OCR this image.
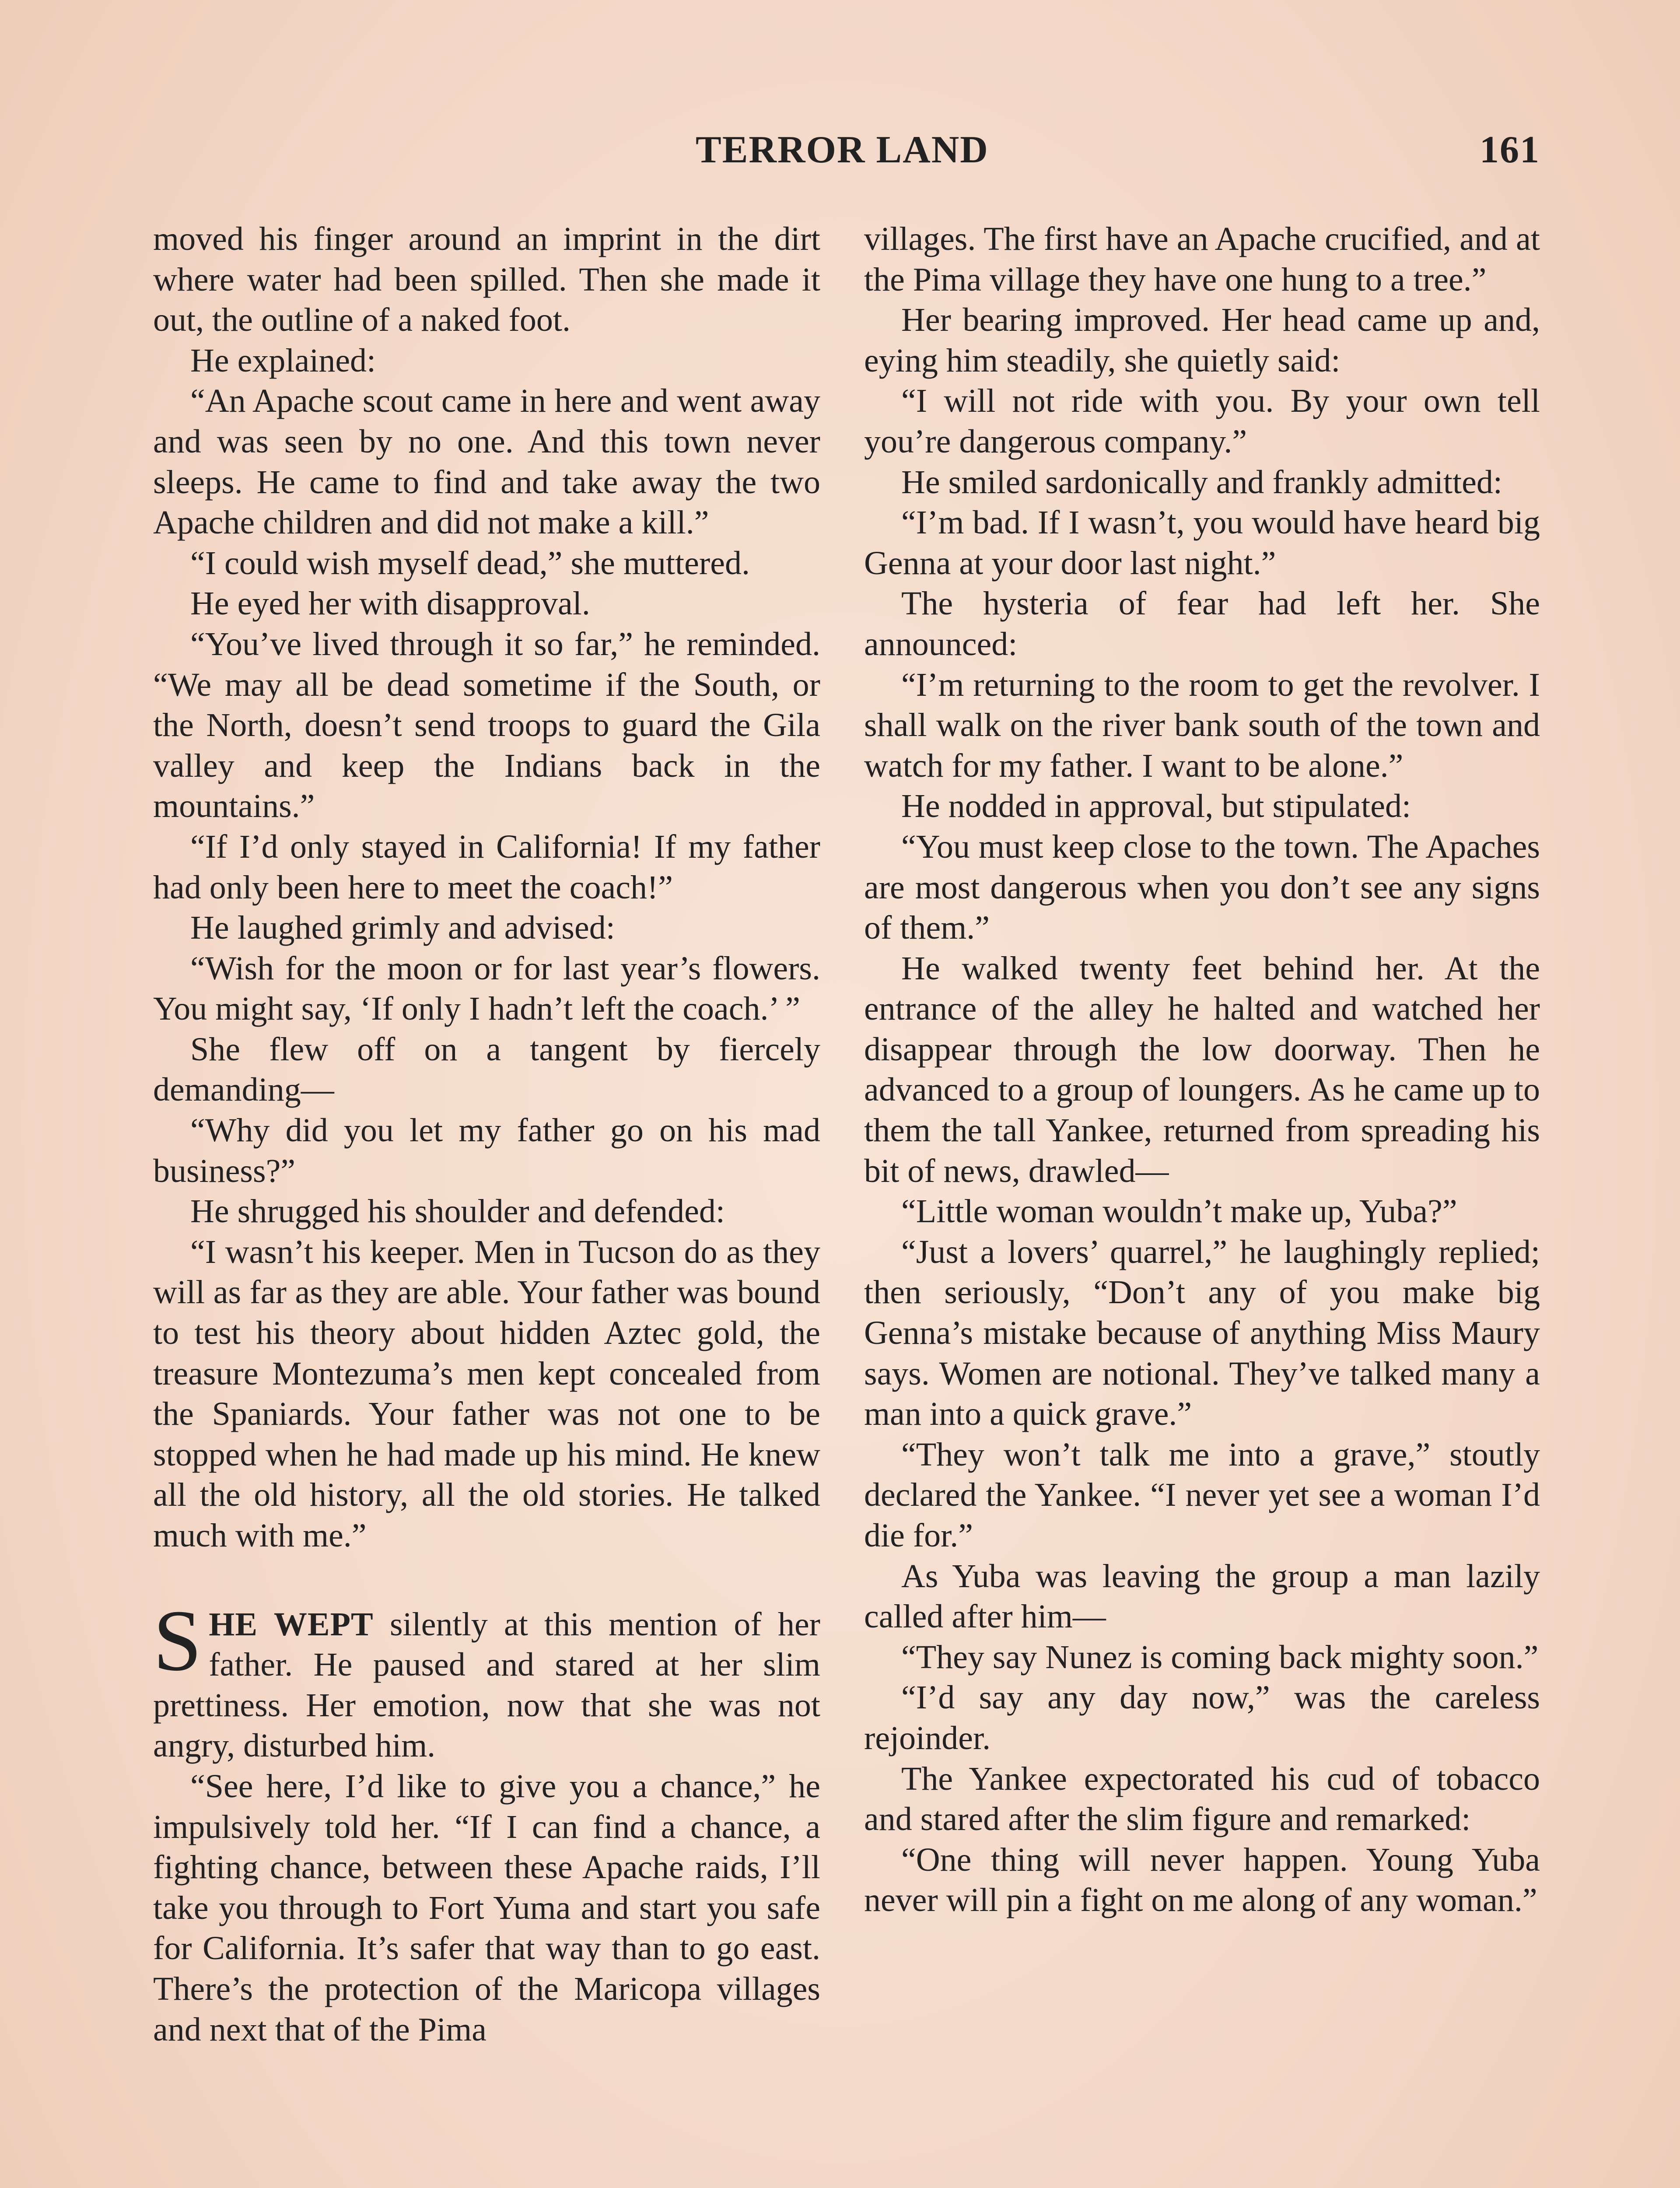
TERROR LAND	161

moved his finger around an imprint in the dirt where water had been spilled. Then she made it out, the outline of a naked foot.

He explained:

“An Apache scout came in here and went away and was seen by no one. And this town never sleeps. He came to find and take away the two Apache children and did not make a kill.”

“I could wish myself dead,” she muttered.

He eyed her with disapproval.

“You’ve lived through it so far,” he reminded. “We may all be dead sometime if the South, or the North, doesn’t send troops to guard the Gila valley and keep the Indians back in the mountains.”

“If I’d only stayed in California! If my father had only been here to meet the coach!”

He laughed grimly and advised:

“Wish for the moon or for last year’s flowers. You might say, ‘If only I hadn’t left the coach.’ ”

She flew off on a tangent by fiercely demanding—

“Why did you let my father go on his mad business?”

He shrugged his shoulder and defended:

“I wasn’t his keeper. Men in Tucson do as they will as far as they are able. Your father was bound to test his theory about hidden Aztec gold, the treasure Montezuma’s men kept concealed from the Spaniards. Your father was not one to be stopped when he had made up his mind. He knew all the old history, all the old stories. He talked much with me.”

SHE WEPT silently at this mention of her father. He paused and stared at her slim prettiness. Her emotion, now that she was not angry, disturbed him.

“See here, I’d like to give you a chance,” he impulsively told her. “If I can find a chance, a fighting chance, between these Apache raids, I’ll take you through to Fort Yuma and start you safe for California. It’s safer that way than to go east. There’s the protection of the Maricopa villages and next that of the Pima

villages. The first have an Apache crucified, and at the Pima village they have one hung to a tree.”

Her bearing improved. Her head came up and, eying him steadily, she quietly said:

“I will not ride with you. By your own tell you’re dangerous company.”

He smiled sardonically and frankly admitted:

“I’m bad. If I wasn’t, you would have heard big Genna at your door last night.”

The hysteria of fear had left her. She announced:

“I’m returning to the room to get the revolver. I shall walk on the river bank south of the town and watch for my father. I want to be alone.”

He nodded in approval, but stipulated:

“You must keep close to the town. The Apaches are most dangerous when you don’t see any signs of them.”

He walked twenty feet behind her. At the entrance of the alley he halted and watched her disappear through the low doorway. Then he advanced to a group of loungers. As he came up to them the tall Yankee, returned from spreading his bit of news, drawled—

“Little woman wouldn’t make up, Yuba?”

“Just a lovers’ quarrel,” he laughingly replied; then seriously, “Don’t any of you make big Genna’s mistake because of anything Miss Maury says. Women are notional. They’ve talked many a man into a quick grave.”

“They won’t talk me into a grave,” stoutly declared the Yankee. “I never yet see a woman I’d die for.”

As Yuba was leaving the group a man lazily called after him—

“They say Nunez is coming back mighty soon.”

“I’d say any day now,” was the careless rejoinder.

The Yankee expectorated his cud of tobacco and stared after the slim figure and remarked:

“One thing will never happen. Young Yuba never will pin a fight on me along of any woman.”
